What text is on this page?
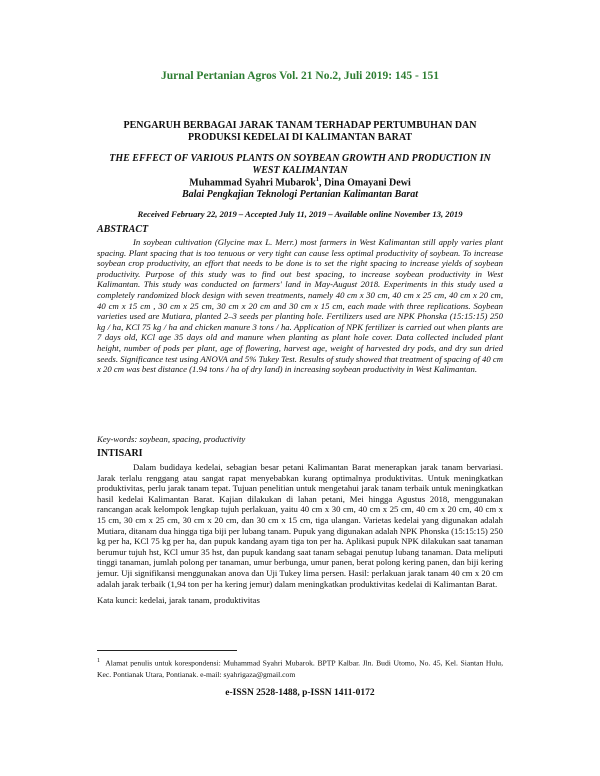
Jurnal Pertanian Agros Vol. 21 No.2, Juli 2019: 145 - 151
PENGARUH BERBAGAI JARAK TANAM TERHADAP PERTUMBUHAN DAN PRODUKSI KEDELAI DI KALIMANTAN BARAT
THE EFFECT OF VARIOUS PLANTS ON SOYBEAN GROWTH AND PRODUCTION IN WEST KALIMANTAN
Muhammad Syahri Mubarok$^1$, Dina Omayani Dewi
Balai Pengkajian Teknologi Pertanian Kalimantan Barat
Received February 22, 2019 – Accepted July 11, 2019 – Available online November 13, 2019
ABSTRACT
In soybean cultivation (Glycine max L. Merr.) most farmers in West Kalimantan still apply varies plant spacing. Plant spacing that is too tenuous or very tight can cause less optimal productivity of soybean. To increase soybean crop productivity, an effort that needs to be done is to set the right spacing to increase yields of soybean productivity. Purpose of this study was to find out best spacing, to increase soybean productivity in West Kalimantan. This study was conducted on farmers' land in May-August 2018. Experiments in this study used a completely randomized block design with seven treatments, namely 40 cm x 30 cm, 40 cm x 25 cm, 40 cm x 20 cm, 40 cm x 15 cm , 30 cm x 25 cm, 30 cm x 20 cm and 30 cm x 15 cm, each made with three replications. Soybean varieties used are Mutiara, planted 2–3 seeds per planting hole. Fertilizers used are NPK Phonska (15:15:15) 250 kg / ha, KCl 75 kg / ha and chicken manure 3 tons / ha. Application of NPK fertilizer is carried out when plants are 7 days old, KCl age 35 days old and manure when planting as plant hole cover. Data collected included plant height, number of pods per plant, age of flowering, harvest age, weight of harvested dry pods, and dry sun dried seeds. Significance test using ANOVA and 5% Tukey Test. Results of study showed that treatment of spacing of 40 cm x 20 cm was best distance (1.94 tons / ha of dry land) in increasing soybean productivity in West Kalimantan.
Key-words: soybean, spacing, productivity
INTISARI
Dalam budidaya kedelai, sebagian besar petani Kalimantan Barat menerapkan jarak tanam bervariasi. Jarak terlalu renggang atau sangat rapat menyebabkan kurang optimalnya produktivitas. Untuk meningkatkan produktivitas, perlu jarak tanam tepat. Tujuan penelitian untuk mengetahui jarak tanam terbaik untuk meningkatkan hasil kedelai Kalimantan Barat. Kajian dilakukan di lahan petani, Mei hingga Agustus 2018, menggunakan rancangan acak kelompok lengkap tujuh perlakuan, yaitu 40 cm x 30 cm, 40 cm x 25 cm, 40 cm x 20 cm, 40 cm x 15 cm, 30 cm x 25 cm, 30 cm x 20 cm, dan 30 cm x 15 cm, tiga ulangan. Varietas kedelai yang digunakan adalah Mutiara, ditanam dua hingga tiga biji per lubang tanam. Pupuk yang digunakan adalah NPK Phonska (15:15:15) 250 kg per ha, KCl 75 kg per ha, dan pupuk kandang ayam tiga ton per ha. Aplikasi pupuk NPK dilakukan saat tanaman berumur tujuh hst, KCl umur 35 hst, dan pupuk kandang saat tanam sebagai penutup lubang tanaman. Data meliputi tinggi tanaman, jumlah polong per tanaman, umur berbunga, umur panen, berat polong kering panen, dan biji kering jemur. Uji signifikansi menggunakan anova dan Uji Tukey lima persen. Hasil: perlakuan jarak tanam 40 cm x 20 cm adalah jarak terbaik (1,94 ton per ha kering jemur) dalam meningkatkan produktivitas kedelai di Kalimantan Barat.
Kata kunci: kedelai, jarak tanam, produktivitas
$^1$ Alamat penulis untuk korespondensi: Muhammad Syahri Mubarok. BPTP Kalbar. Jln. Budi Utomo, No. 45, Kel. Siantan Hulu, Kec. Pontianak Utara, Pontianak. e-mail: syahrigaza@gmail.com
e-ISSN 2528-1488, p-ISSN 1411-0172
